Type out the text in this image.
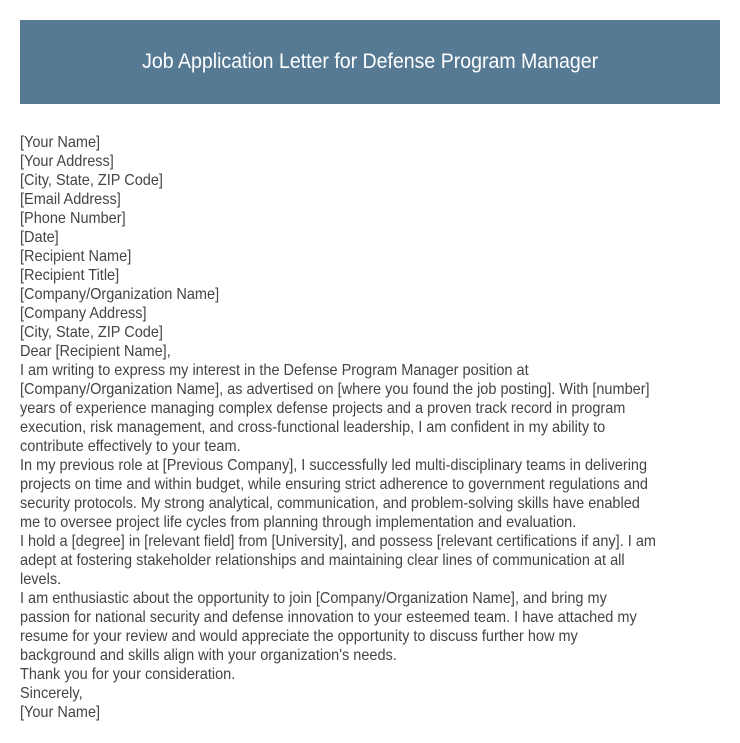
Job Application Letter for Defense Program Manager
[Your Name]
[Your Address]
[City, State, ZIP Code]
[Email Address]
[Phone Number]
[Date]
[Recipient Name]
[Recipient Title]
[Company/Organization Name]
[Company Address]
[City, State, ZIP Code]
Dear [Recipient Name],
I am writing to express my interest in the Defense Program Manager position at
[Company/Organization Name], as advertised on [where you found the job posting]. With [number]
years of experience managing complex defense projects and a proven track record in program
execution, risk management, and cross-functional leadership, I am confident in my ability to
contribute effectively to your team.
In my previous role at [Previous Company], I successfully led multi-disciplinary teams in delivering
projects on time and within budget, while ensuring strict adherence to government regulations and
security protocols. My strong analytical, communication, and problem-solving skills have enabled
me to oversee project life cycles from planning through implementation and evaluation.
I hold a [degree] in [relevant field] from [University], and possess [relevant certifications if any]. I am
adept at fostering stakeholder relationships and maintaining clear lines of communication at all
levels.
I am enthusiastic about the opportunity to join [Company/Organization Name], and bring my
passion for national security and defense innovation to your esteemed team. I have attached my
resume for your review and would appreciate the opportunity to discuss further how my
background and skills align with your organization's needs.
Thank you for your consideration.
Sincerely,
[Your Name]
